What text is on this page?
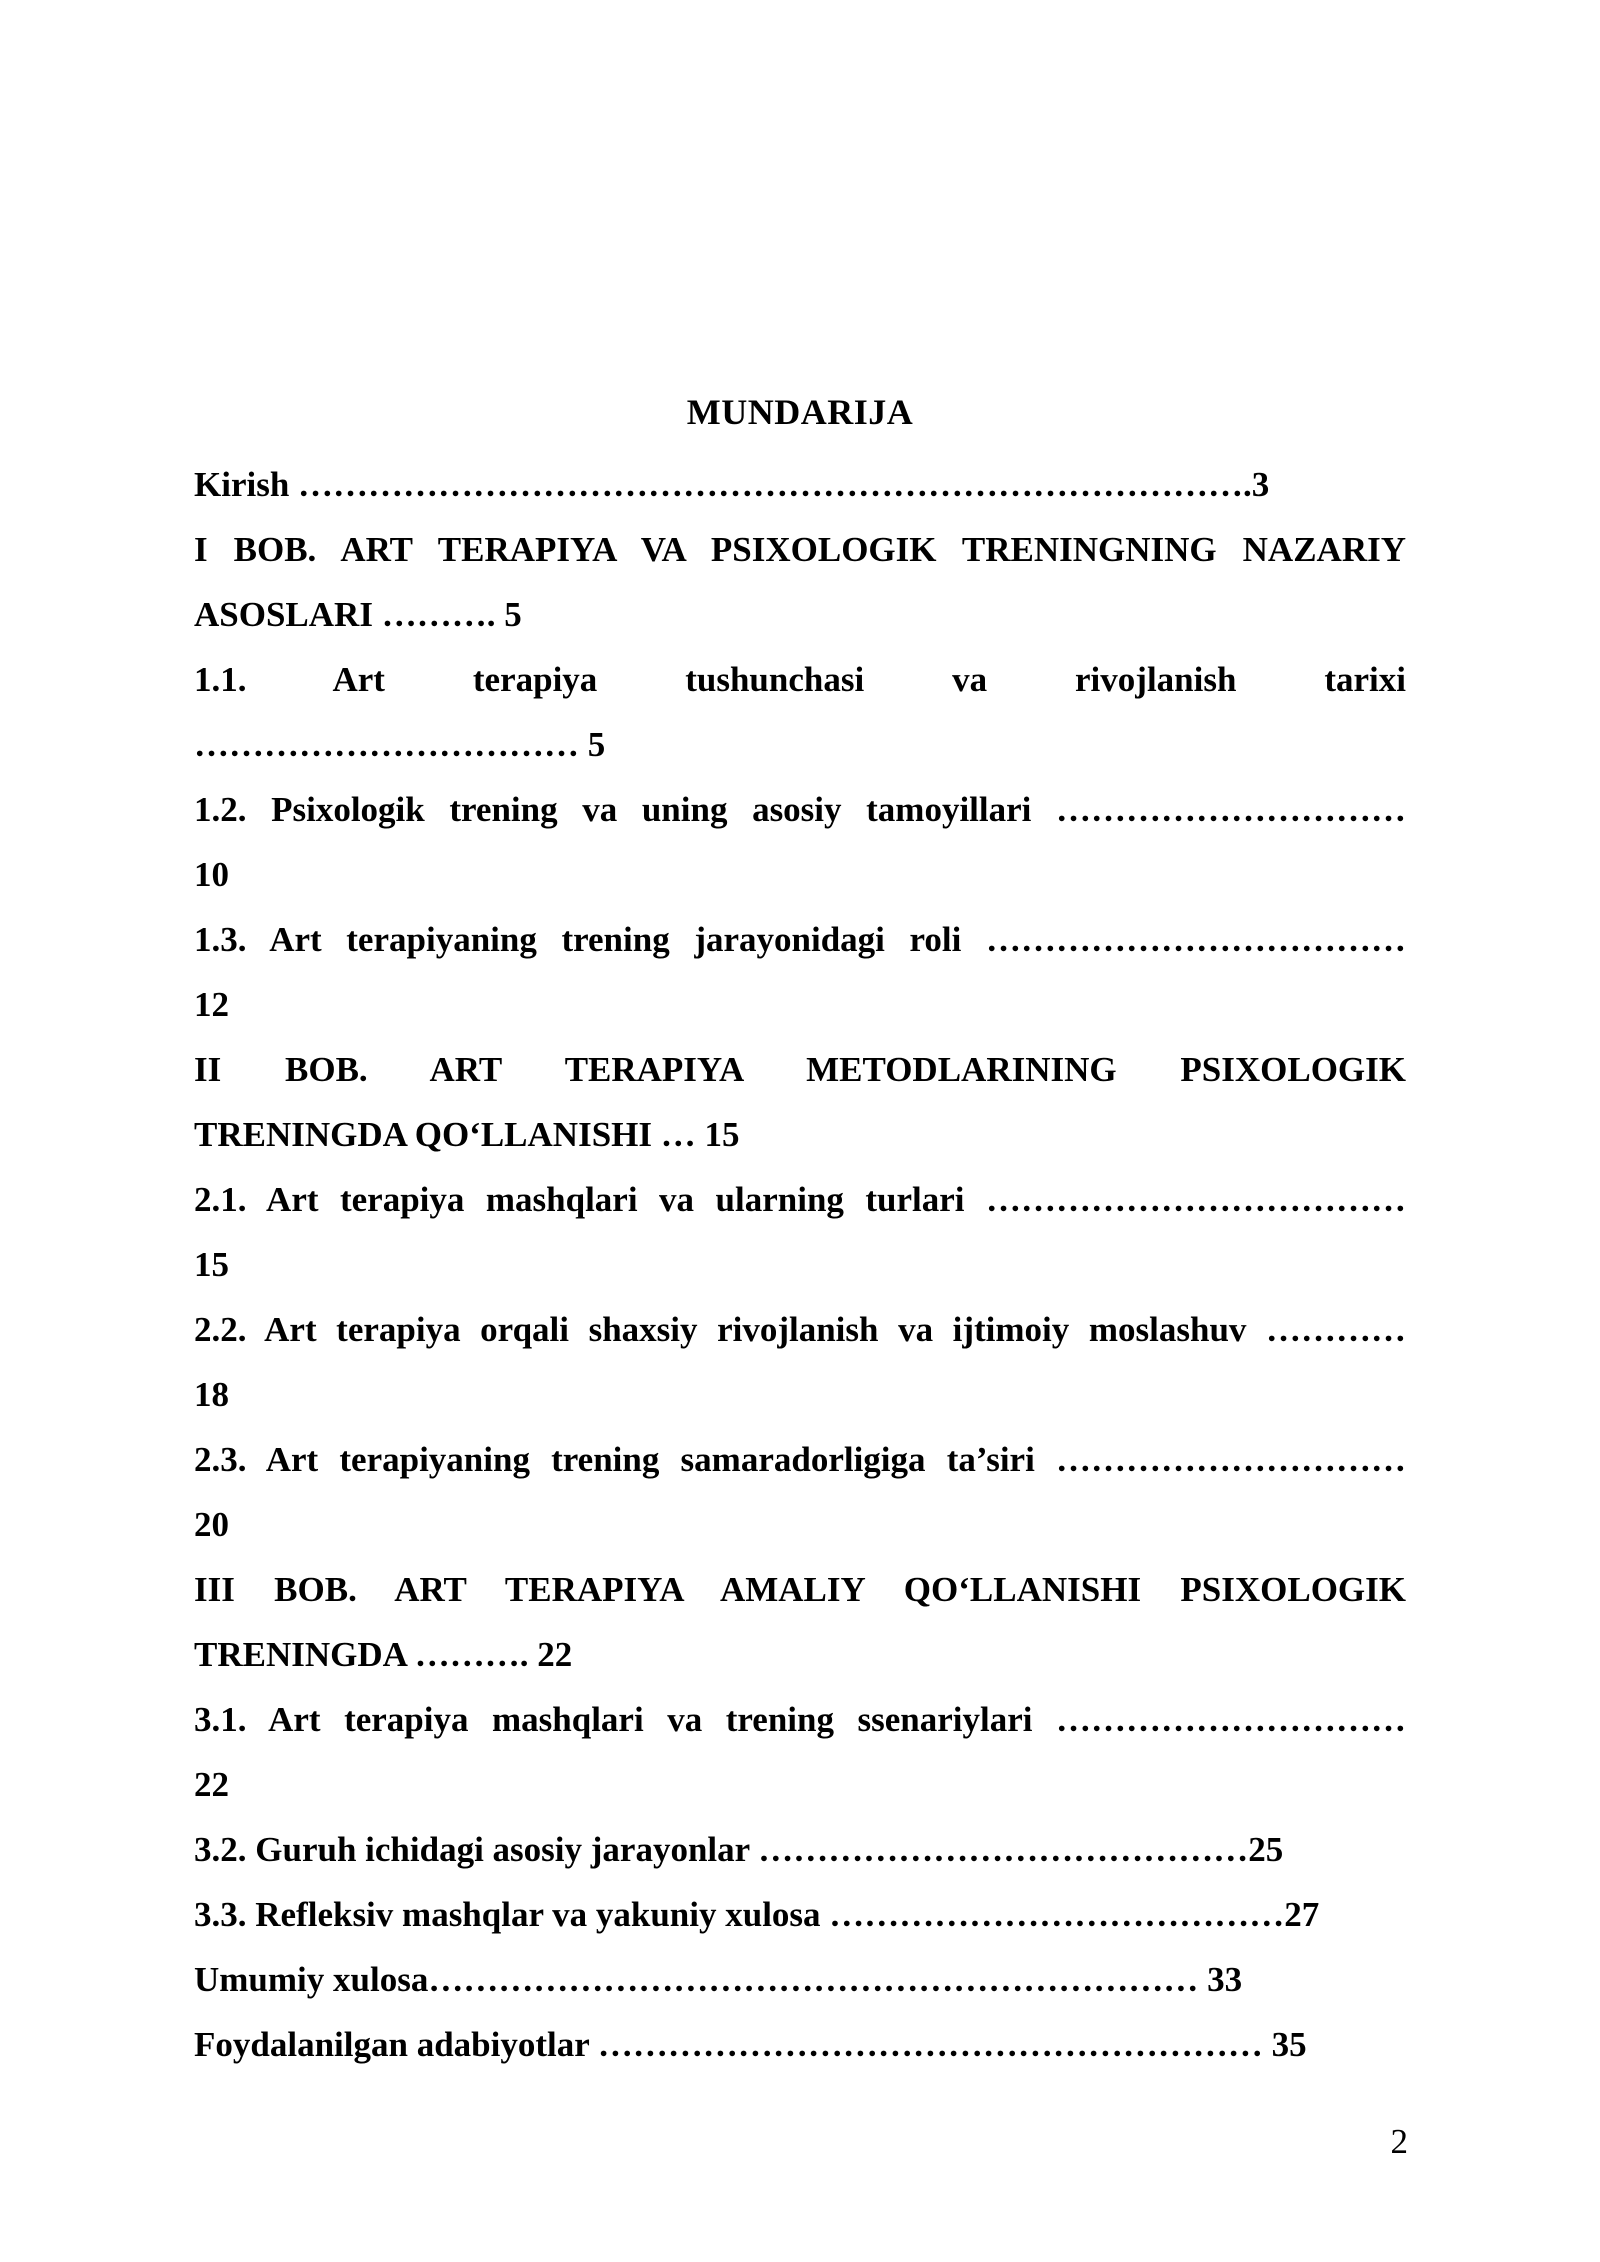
MUNDARIJA
Kirish ……………………………………………………………………….3
I BOB. ART TERAPIYA VA PSIXOLOGIK TRENINGNING NAZARIY
ASOSLARI ………. 5
1.1. Art terapiya tushunchasi va rivojlanish tarixi
…………………………… 5
1.2. Psixologik trening va uning asosiy tamoyillari …………………………
10
1.3. Art terapiyaning trening jarayonidagi roli ………………………………
12
II BOB. ART TERAPIYA METODLARINING PSIXOLOGIK
TRENINGDA QO‘LLANISHI … 15
2.1. Art terapiya mashqlari va ularning turlari ………………………………
15
2.2. Art terapiya orqali shaxsiy rivojlanish va ijtimoiy moslashuv …………
18
2.3. Art terapiyaning trening samaradorligiga ta’siri …………………………
20
III BOB. ART TERAPIYA AMALIY QO‘LLANISHI PSIXOLOGIK
TRENINGDA ………. 22
3.1. Art terapiya mashqlari va trening ssenariylari …………………………
22
3.2. Guruh ichidagi asosiy jarayonlar ……………………………………25
3.3. Refleksiv mashqlar va yakuniy xulosa …………………………………27
Umumiy xulosa………………………………………………………… 33
Foydalanilgan adabiyotlar ………………………………………………… 35
2
